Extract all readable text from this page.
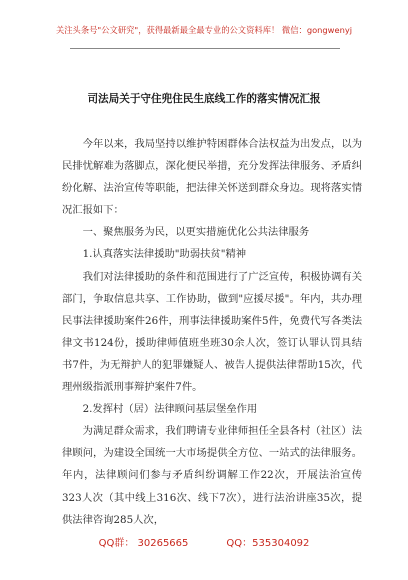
关注头条号"公文研究"，获得最新最全最专业的公文资料库！ 微信：gongwenyj
司法局关于守住兜住民生底线工作的落实情况汇报

今年以来，我局坚持以维护特困群体合法权益为出发点，以为民排忧解难为落脚点，深化便民举措，充分发挥法律服务、矛盾纠纷化解、法治宣传等职能，把法律关怀送到群众身边。现将落实情况汇报如下：

一、聚焦服务为民，以更实措施优化公共法律服务

1.认真落实法律援助"助弱扶贫"精神

我们对法律援助的条件和范围进行了广泛宣传，积极协调有关部门，争取信息共享、工作协助，做到"应援尽援"。年内，共办理民事法律援助案件26件，刑事法律援助案件5件，免费代写各类法律文书124份，援助律师值班坐班30余人次，签订认罪认罚具结书7件，为无辩护人的犯罪嫌疑人、被告人提供法律帮助15次，代理州级指派刑事辩护案件7件。

2.发挥村（居）法律顾问基层堡垒作用

为满足群众需求，我们聘请专业律师担任全县各村（社区）法律顾问，为建设全国统一大市场提供全方位、一站式的法律服务。年内，法律顾问们参与矛盾纠纷调解工作22次，开展法治宣传323人次（其中线上316次、线下7次），进行法治讲座35次，提供法律咨询285人次，

QQ群： 30265665	QQ：535304092
